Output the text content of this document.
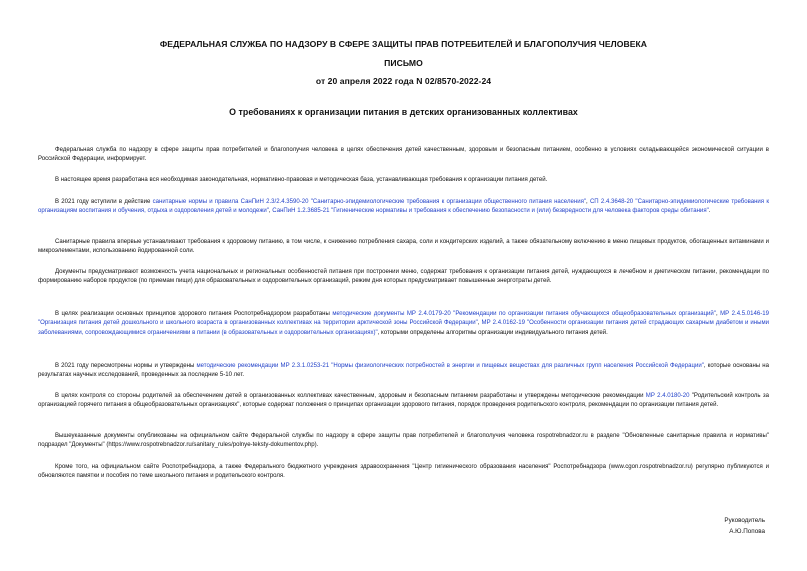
ФЕДЕРАЛЬНАЯ СЛУЖБА ПО НАДЗОРУ В СФЕРЕ ЗАЩИТЫ ПРАВ ПОТРЕБИТЕЛЕЙ И БЛАГОПОЛУЧИЯ ЧЕЛОВЕКА
ПИСЬМО
от 20 апреля 2022 года N 02/8570-2022-24
О требованиях к организации питания в детских организованных коллективах
Федеральная служба по надзору в сфере защиты прав потребителей и благополучия человека в целях обеспечения детей качественным, здоровым и безопасным питанием, особенно в условиях складывающейся экономической ситуации в Российской Федерации, информирует.
В настоящее время разработана вся необходимая законодательная, нормативно-правовая и методическая база, устанавливающая требования к организации питания детей.
В 2021 году вступили в действие санитарные нормы и правила СанПиН 2.3/2.4.3590-20 "Санитарно-эпидемиологические требования к организации общественного питания населения", СП 2.4.3648-20 "Санитарно-эпидемиологические требования к организациям воспитания и обучения, отдыха и оздоровления детей и молодежи", СанПиН 1.2.3685-21 "Гигиенические нормативы и требования к обеспечению безопасности и (или) безвредности для человека факторов среды обитания".
Санитарные правила впервые устанавливают требования к здоровому питанию, в том числе, к снижению потребления сахара, соли и кондитерских изделий, а также обязательному включению в меню пищевых продуктов, обогащенных витаминами и микроэлементами, использованию йодированной соли.
Документы предусматривают возможность учета национальных и региональных особенностей питания при построении меню, содержат требования к организации питания детей, нуждающихся в лечебном и диетическом питании, рекомендации по формированию наборов продуктов (по приемам пищи) для образовательных и оздоровительных организаций, режим дня которых предусматривает повышенные энерготраты детей.
В целях реализации основных принципов здорового питания Роспотребнадзором разработаны методические документы МР 2.4.0179-20 "Рекомендации по организации питания обучающихся общеобразовательных организаций", МР 2.4.5.0146-19 "Организация питания детей дошкольного и школьного возраста в организованных коллективах на территории арктической зоны Российской Федерации", МР 2.4.0162-19 "Особенности организации питания детей страдающих сахарным диабетом и иными заболеваниями, сопровождающимися ограничениями в питании (в образовательных и оздоровительных организациях)", которыми определены алгоритмы организации индивидуального питания детей.
В 2021 году пересмотрены нормы и утверждены методические рекомендации МР 2.3.1.0253-21 "Нормы физиологических потребностей в энергии и пищевых веществах для различных групп населения Российской Федерации", которые основаны на результатах научных исследований, проведенных за последние 5-10 лет.
В целях контроля со стороны родителей за обеспечением детей в организованных коллективах качественным, здоровым и безопасным питанием разработаны и утверждены методические рекомендации МР 2.4.0180-20 "Родительский контроль за организацией горячего питания в общеобразовательных организациях", которые содержат положения о принципах организации здорового питания, порядок проведения родительского контроля, рекомендации по организации питания детей.
Вышеуказанные документы опубликованы на официальном сайте Федеральной службы по надзору в сфере защиты прав потребителей и благополучия человека rospotrebnadzor.ru в разделе "Обновленные санитарные правила и нормативы" подраздел "Документы" (https://www.rospotrebnadzor.ru/sanitary_rules/polnye-teksty-dokumentov.php).
Кроме того, на официальном сайте Роспотребнадзора, а также Федерального бюджетного учреждения здравоохранения "Центр гигиенического образования населения" Роспотребнадзора (www.cgon.rospotrebnadzor.ru) регулярно публикуются и обновляются памятки и пособия по теме школьного питания и родительского контроля.
Руководитель
А.Ю.Попова
